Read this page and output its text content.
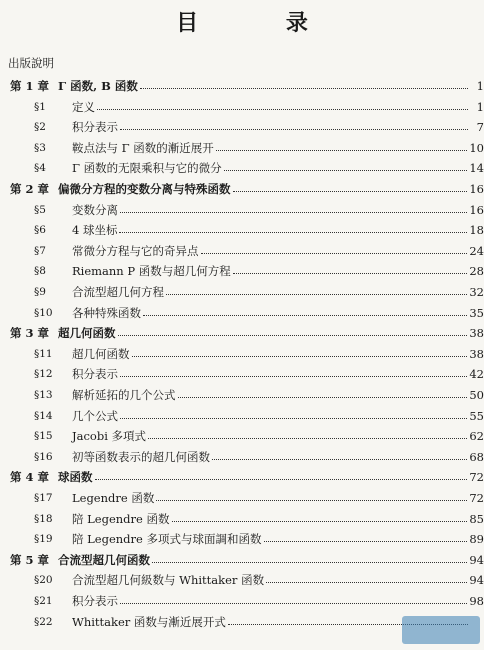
目 录
出版說明
第 1 章 Γ 函数, B 函数	1
§1	定义	1
§2	积分表示	7
§3	鞍点法与 Γ 函数的漸近展开	10
§4	Γ 函数的无限乘积与它的微分	14
第 2 章 偏微分方程的变数分离与特殊函数	16
§5	变数分离	16
§6	4 球坐标	18
§7	常微分方程与它的奇异点	24
§8	Riemann P 函数与超几何方程	28
§9	合流型超几何方程	32
§10	各种特殊函数	35
第 3 章 超几何函数	38
§11	超几何函数	38
§12	积分表示	42
§13	解析延拓的几个公式	50
§14	几个公式	55
§15	Jacobi 多項式	62
§16	初等函数表示的超几何函数	68
第 4 章 球函数	72
§17	Legendre 函数	72
§18	陪 Legendre 函数	85
§19	陪 Legendre 多项式与球面調和函数	89
第 5 章 合流型超几何函数	94
§20	合流型超几何級数与 Whittaker 函数	94
§21	积分表示	98
§22	Whittaker 函数与漸近展开式
